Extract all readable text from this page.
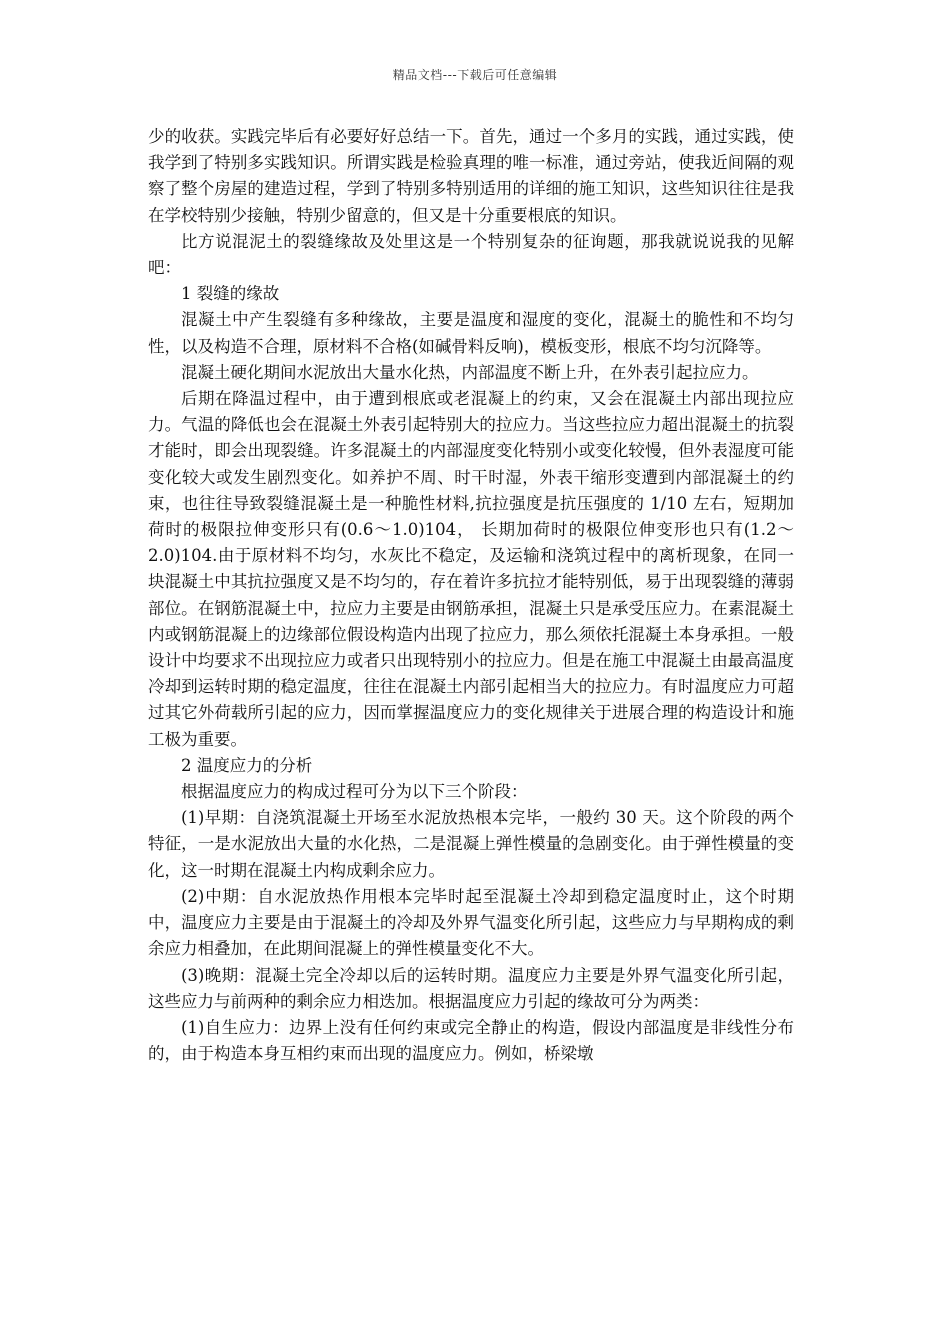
精品文档---下载后可任意编辑

少的收获。实践完毕后有必要好好总结一下。首先，通过一个多月的实践，通过实践，使我学到了特别多实践知识。所谓实践是检验真理的唯一标准，通过旁站，使我近间隔的观察了整个房屋的建造过程，学到了特别多特别适用的详细的施工知识，这些知识往往是我在学校特别少接触，特别少留意的，但又是十分重要根底的知识。

比方说混泥土的裂缝缘故及处里这是一个特别复杂的征询题，那我就说说我的见解吧：

1 裂缝的缘故

混凝土中产生裂缝有多种缘故，主要是温度和湿度的变化，混凝土的脆性和不均匀性，以及构造不合理，原材料不合格(如碱骨料反响)，模板变形，根底不均匀沉降等。

混凝土硬化期间水泥放出大量水化热，内部温度不断上升，在外表引起拉应力。

后期在降温过程中，由于遭到根底或老混凝上的约束，又会在混凝土内部出现拉应力。气温的降低也会在混凝土外表引起特别大的拉应力。当这些拉应力超出混凝土的抗裂才能时，即会出现裂缝。许多混凝土的内部湿度变化特别小或变化较慢，但外表湿度可能变化较大或发生剧烈变化。如养护不周、时干时湿，外表干缩形变遭到内部混凝土的约束，也往往导致裂缝混凝土是一种脆性材料,抗拉强度是抗压强度的 1/10 左右，短期加荷时的极限拉伸变形只有(0.6～1.0)104， 长期加荷时的极限位伸变形也只有(1.2～2.0)104.由于原材料不均匀，水灰比不稳定，及运输和浇筑过程中的离析现象，在同一块混凝土中其抗拉强度又是不均匀的，存在着许多抗拉才能特别低，易于出现裂缝的薄弱部位。在钢筋混凝土中，拉应力主要是由钢筋承担，混凝土只是承受压应力。在素混凝土内或钢筋混凝上的边缘部位假设构造内出现了拉应力，那么须依托混凝土本身承担。一般设计中均要求不出现拉应力或者只出现特别小的拉应力。但是在施工中混凝土由最高温度冷却到运转时期的稳定温度，往往在混凝土内部引起相当大的拉应力。有时温度应力可超过其它外荷载所引起的应力，因而掌握温度应力的变化规律关于进展合理的构造设计和施工极为重要。

2 温度应力的分析

根据温度应力的构成过程可分为以下三个阶段：

(1)早期：自浇筑混凝土开场至水泥放热根本完毕，一般约 30 天。这个阶段的两个特征，一是水泥放出大量的水化热，二是混凝上弹性模量的急剧变化。由于弹性模量的变化，这一时期在混凝土内构成剩余应力。

(2)中期：自水泥放热作用根本完毕时起至混凝土冷却到稳定温度时止，这个时期中，温度应力主要是由于混凝土的冷却及外界气温变化所引起，这些应力与早期构成的剩余应力相叠加，在此期间混凝上的弹性模量变化不大。

(3)晚期：混凝土完全冷却以后的运转时期。温度应力主要是外界气温变化所引起，这些应力与前两种的剩余应力相迭加。根据温度应力引起的缘故可分为两类：

(1)自生应力：边界上没有任何约束或完全静止的构造，假设内部温度是非线性分布的，由于构造本身互相约束而出现的温度应力。例如，桥梁墩
